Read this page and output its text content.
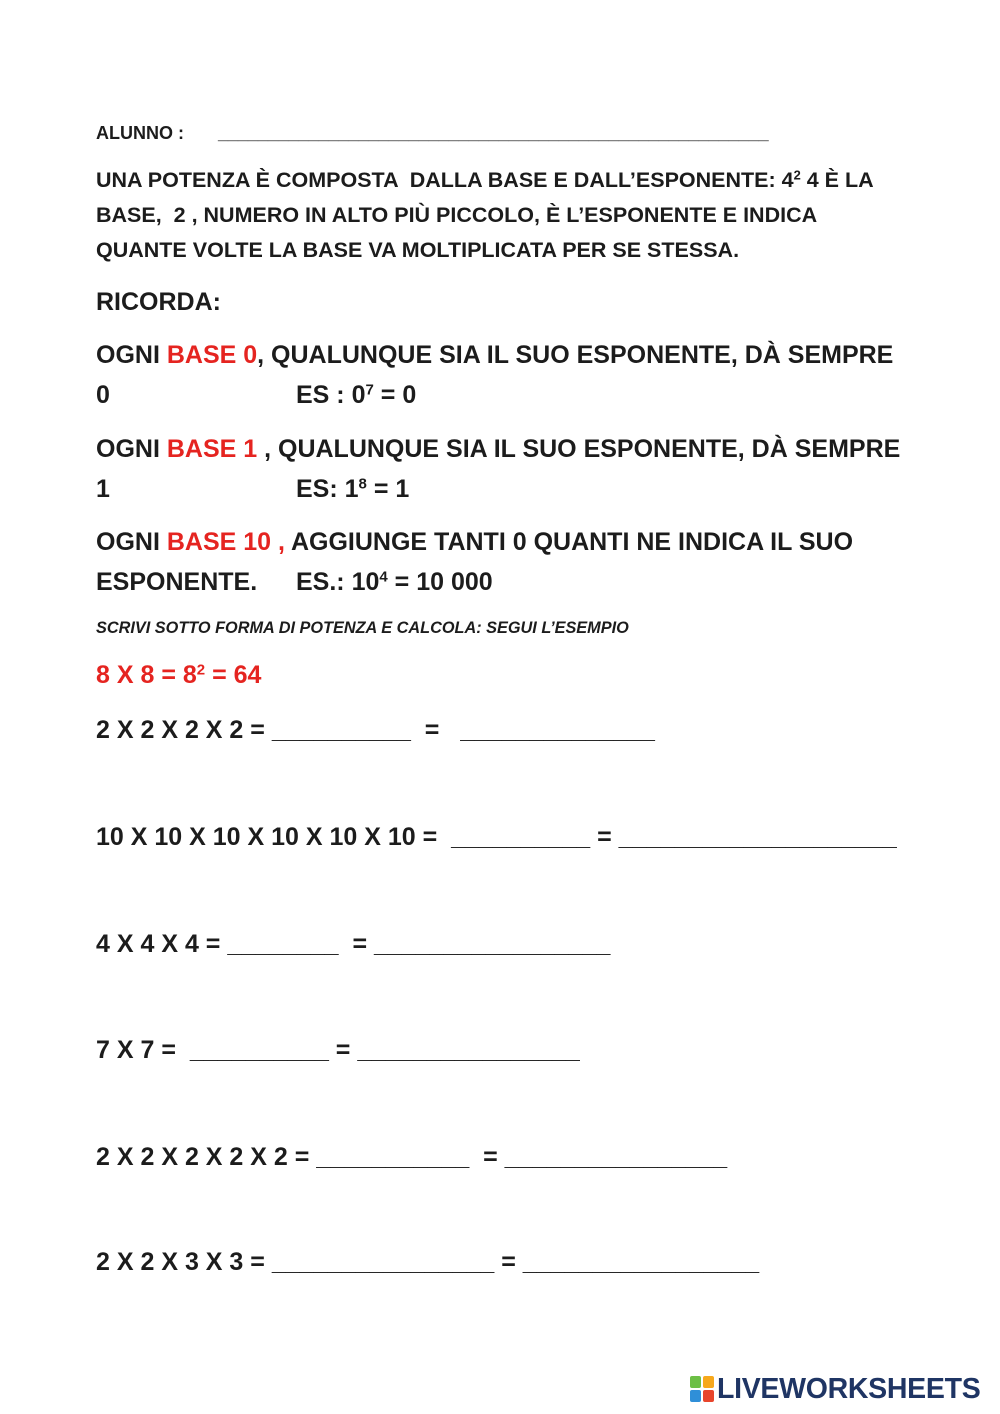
ALUNNO : _______________________________________________________
UNA POTENZA È COMPOSTA  DALLA BASE E DALL’ESPONENTE: $4^2$ 4 È LA
BASE,  2 , NUMERO IN ALTO PIÙ PICCOLO, È L’ESPONENTE E INDICA
QUANTE VOLTE LA BASE VA MOLTIPLICATA PER SE STESSA.
RICORDA:
OGNI BASE 0, QUALUNQUE SIA IL SUO ESPONENTE, DÀ SEMPRE
0	ES : $0^7 = 0$
OGNI BASE 1 , QUALUNQUE SIA IL SUO ESPONENTE, DÀ SEMPRE
1	ES: $1^8 = 1$
OGNI BASE 10 , AGGIUNGE TANTI 0 QUANTI NE INDICA IL SUO
ESPONENTE. ES.: $10^4 = 10$ 000
SCRIVI SOTTO FORMA DI POTENZA E CALCOLA: SEGUI L’ESEMPIO
8 X $8 = 8^2 = 64$
2 X 2 X 2 X 2 = __________  =   ______________
10 X 10 X 10 X 10 X 10 X 10 =  __________ = ____________________
4 X 4 X 4 = ________  = _________________
7 X 7 =  __________ = ________________
2 X 2 X 2 X 2 X 2 = ___________  = ________________
2 X 2 X 3 X 3 = ________________ = _________________
LIVEWORKSHEETS
